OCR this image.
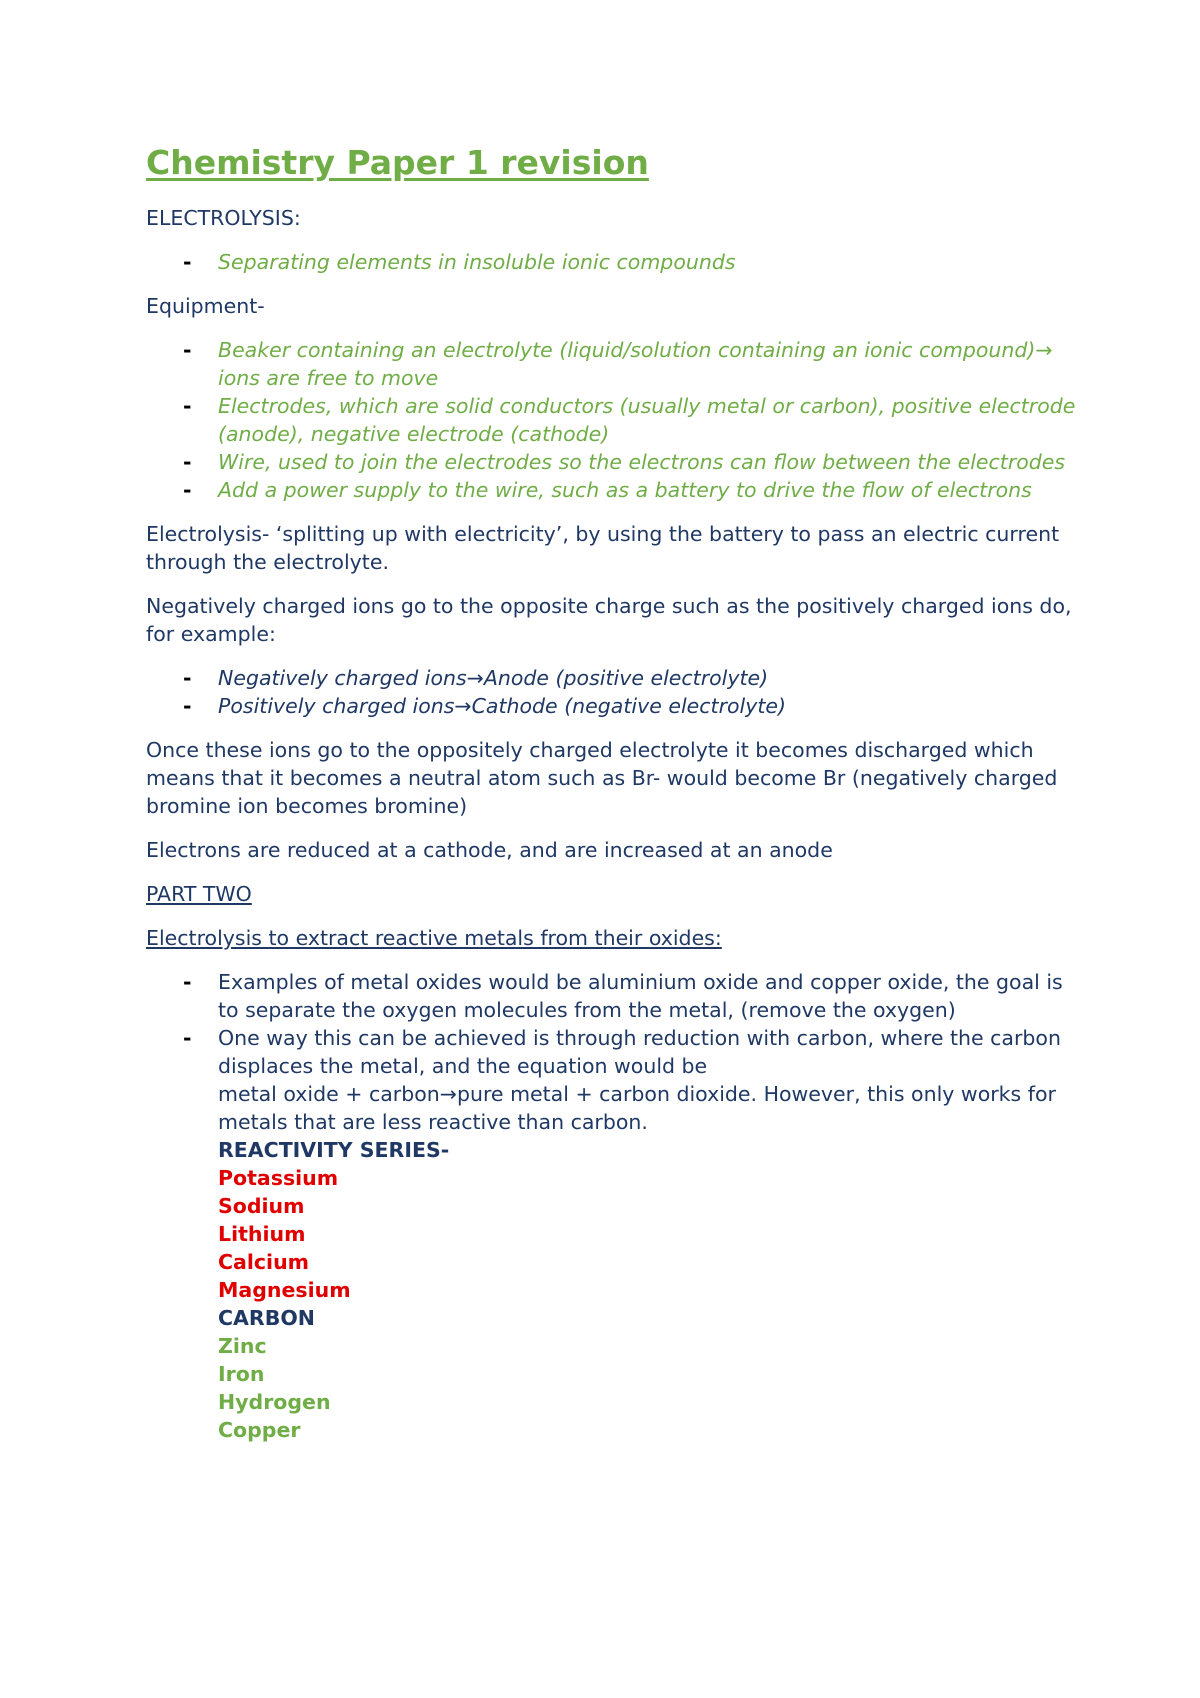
Chemistry Paper 1 revision

ELECTROLYSIS:

- Separating elements in insoluble ionic compounds

Equipment-

- Beaker containing an electrolyte (liquid/solution containing an ionic compound)→ ions are free to move
- Electrodes, which are solid conductors (usually metal or carbon), positive electrode (anode), negative electrode (cathode)
- Wire, used to join the electrodes so the electrons can flow between the electrodes
- Add a power supply to the wire, such as a battery to drive the flow of electrons

Electrolysis- ‘splitting up with electricity’, by using the battery to pass an electric current through the electrolyte.

Negatively charged ions go to the opposite charge such as the positively charged ions do, for example:

- Negatively charged ions→Anode (positive electrolyte)
- Positively charged ions→Cathode (negative electrolyte)

Once these ions go to the oppositely charged electrolyte it becomes discharged which means that it becomes a neutral atom such as Br- would become Br (negatively charged bromine ion becomes bromine)

Electrons are reduced at a cathode, and are increased at an anode

PART TWO

Electrolysis to extract reactive metals from their oxides:

- Examples of metal oxides would be aluminium oxide and copper oxide, the goal is to separate the oxygen molecules from the metal, (remove the oxygen)
- One way this can be achieved is through reduction with carbon, where the carbon displaces the metal, and the equation would be
metal oxide + carbon→pure metal + carbon dioxide. However, this only works for metals that are less reactive than carbon.
REACTIVITY SERIES-
Potassium
Sodium
Lithium
Calcium
Magnesium
CARBON
Zinc
Iron
Hydrogen
Copper
